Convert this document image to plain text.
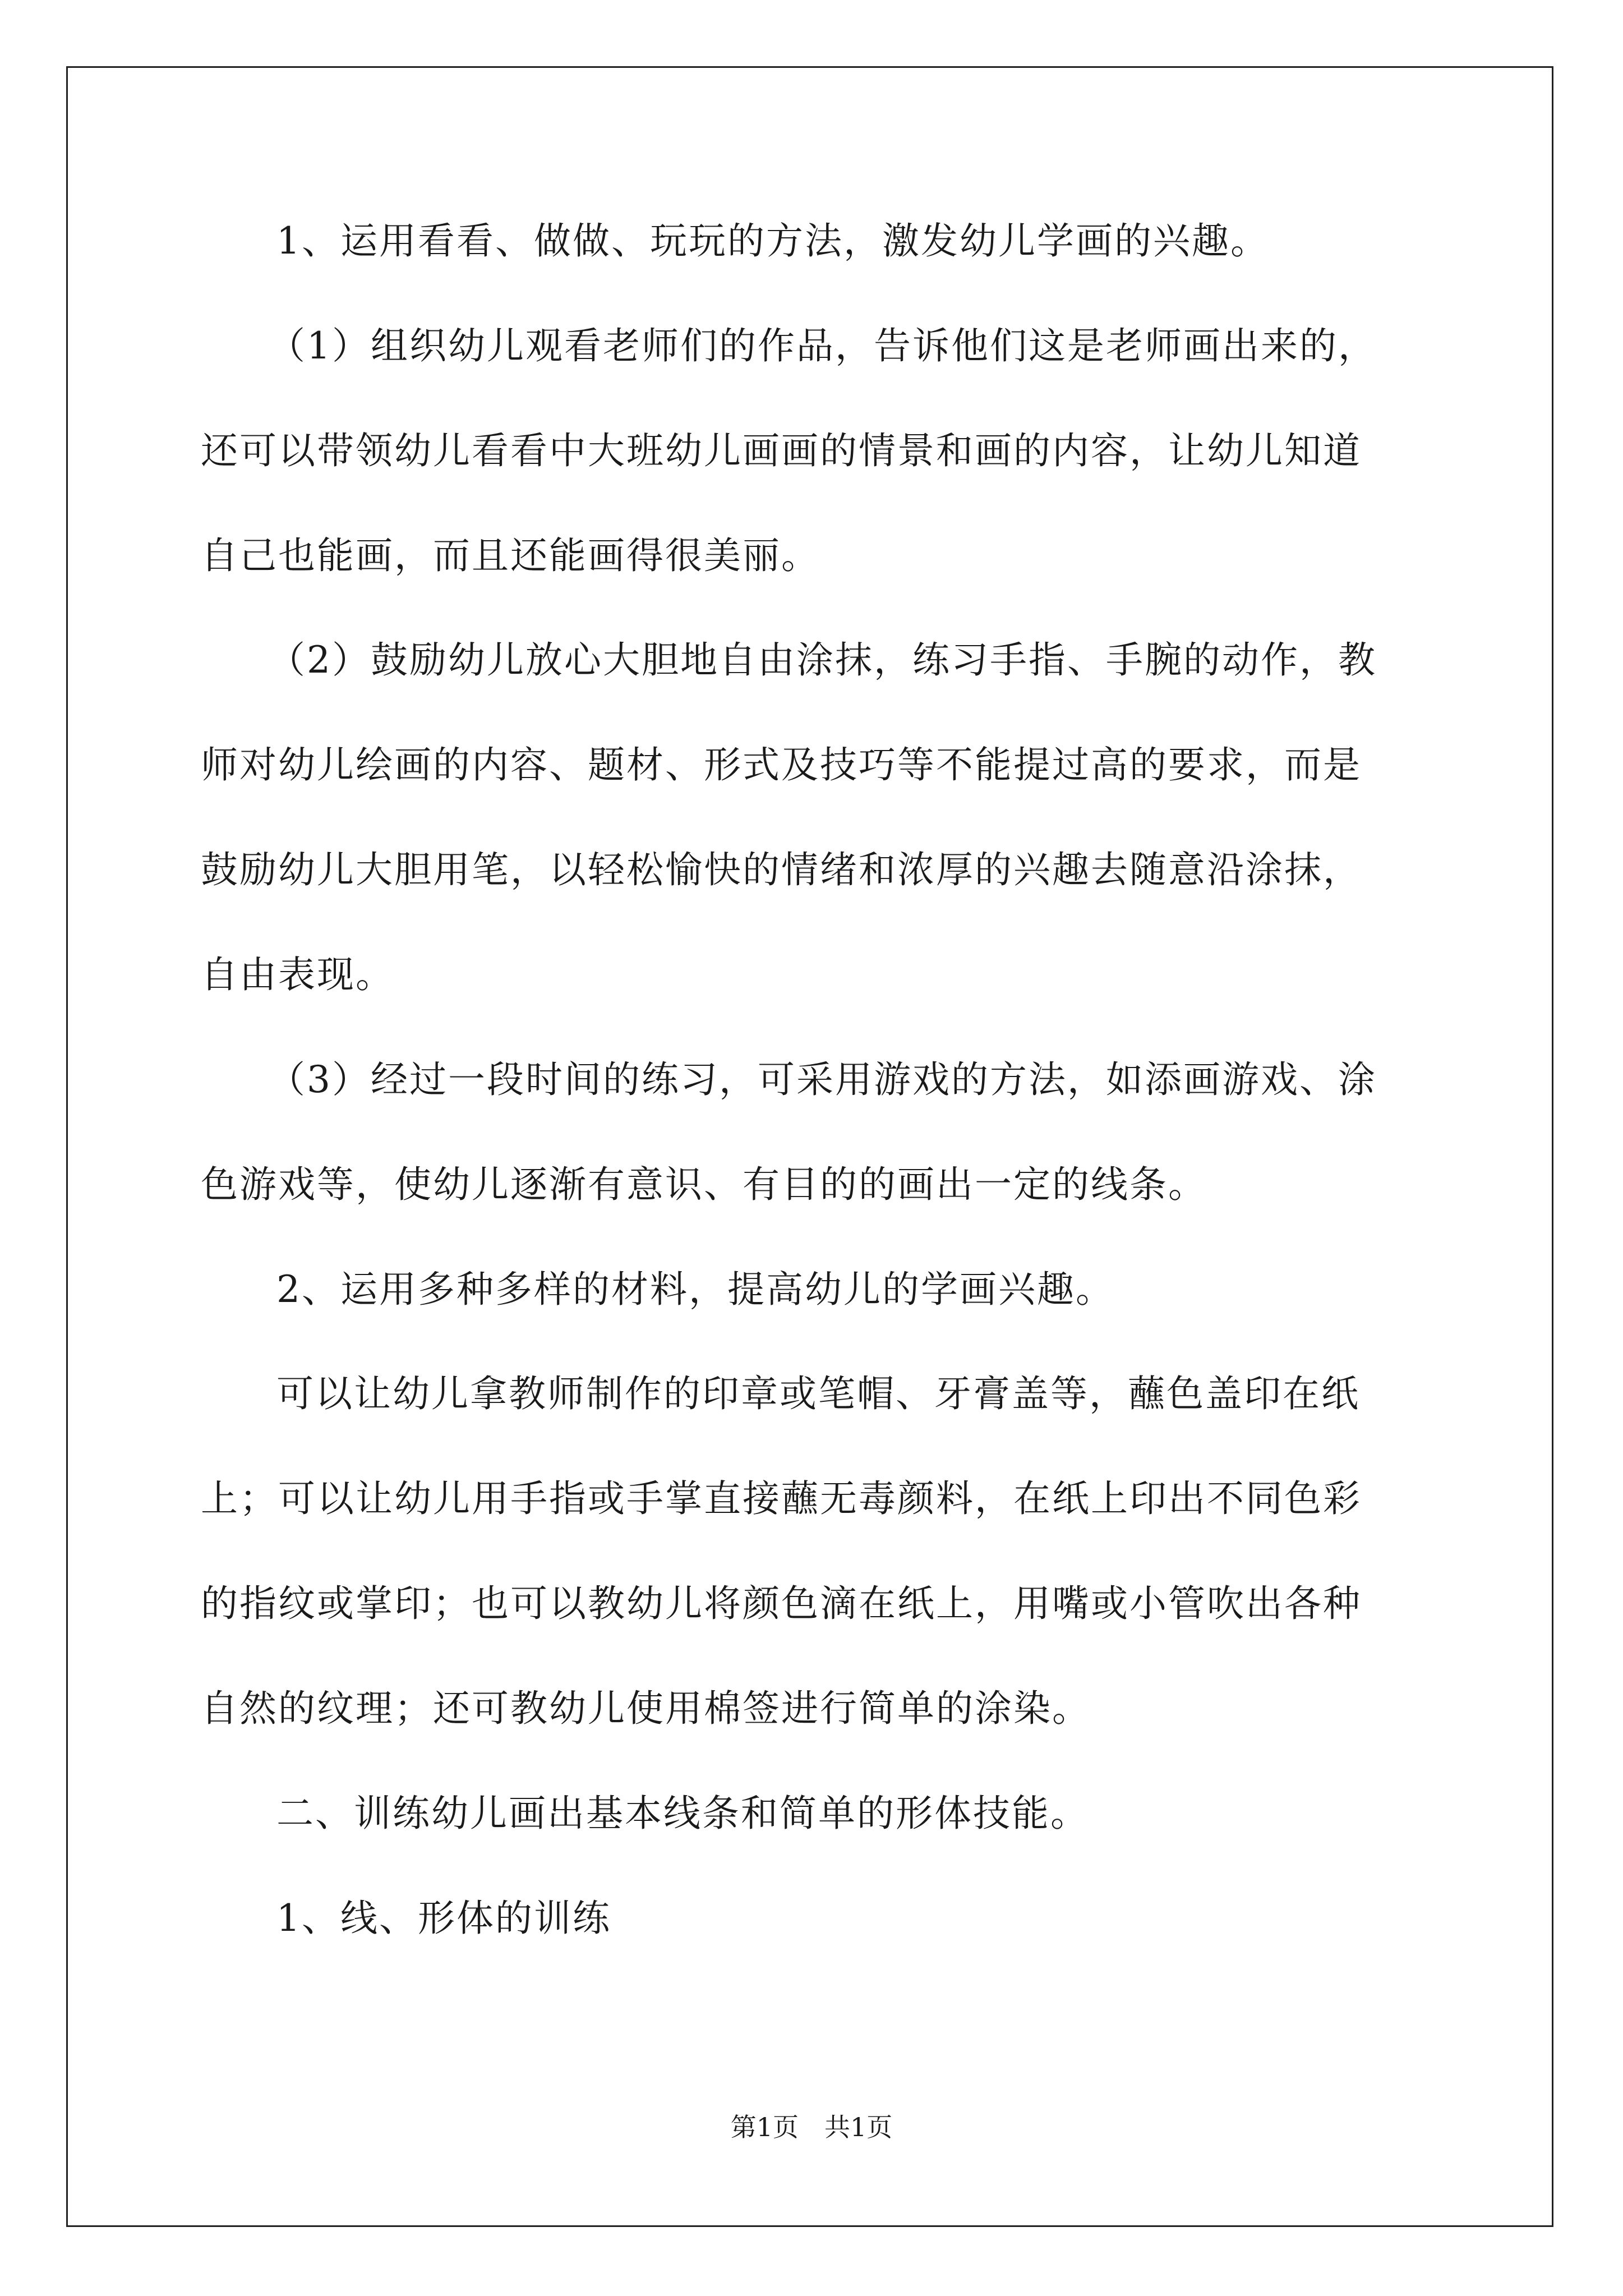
1、运用看看、做做、玩玩的方法，激发幼儿学画的兴趣。
（1）组织幼儿观看老师们的作品，告诉他们这是老师画出来的，
还可以带领幼儿看看中大班幼儿画画的情景和画的内容，让幼儿知道
自己也能画，而且还能画得很美丽。
（2）鼓励幼儿放心大胆地自由涂抹，练习手指、手腕的动作，教
师对幼儿绘画的内容、题材、形式及技巧等不能提过高的要求，而是
鼓励幼儿大胆用笔，以轻松愉快的情绪和浓厚的兴趣去随意沿涂抹，
自由表现。
（3）经过一段时间的练习，可采用游戏的方法，如添画游戏、涂
色游戏等，使幼儿逐渐有意识、有目的的画出一定的线条。
2、运用多种多样的材料，提高幼儿的学画兴趣。
可以让幼儿拿教师制作的印章或笔帽、牙膏盖等，蘸色盖印在纸
上；可以让幼儿用手指或手掌直接蘸无毒颜料，在纸上印出不同色彩
的指纹或掌印；也可以教幼儿将颜色滴在纸上，用嘴或小管吹出各种
自然的纹理；还可教幼儿使用棉签进行简单的涂染。
二、训练幼儿画出基本线条和简单的形体技能。
1、线、形体的训练
第1页　共1页
